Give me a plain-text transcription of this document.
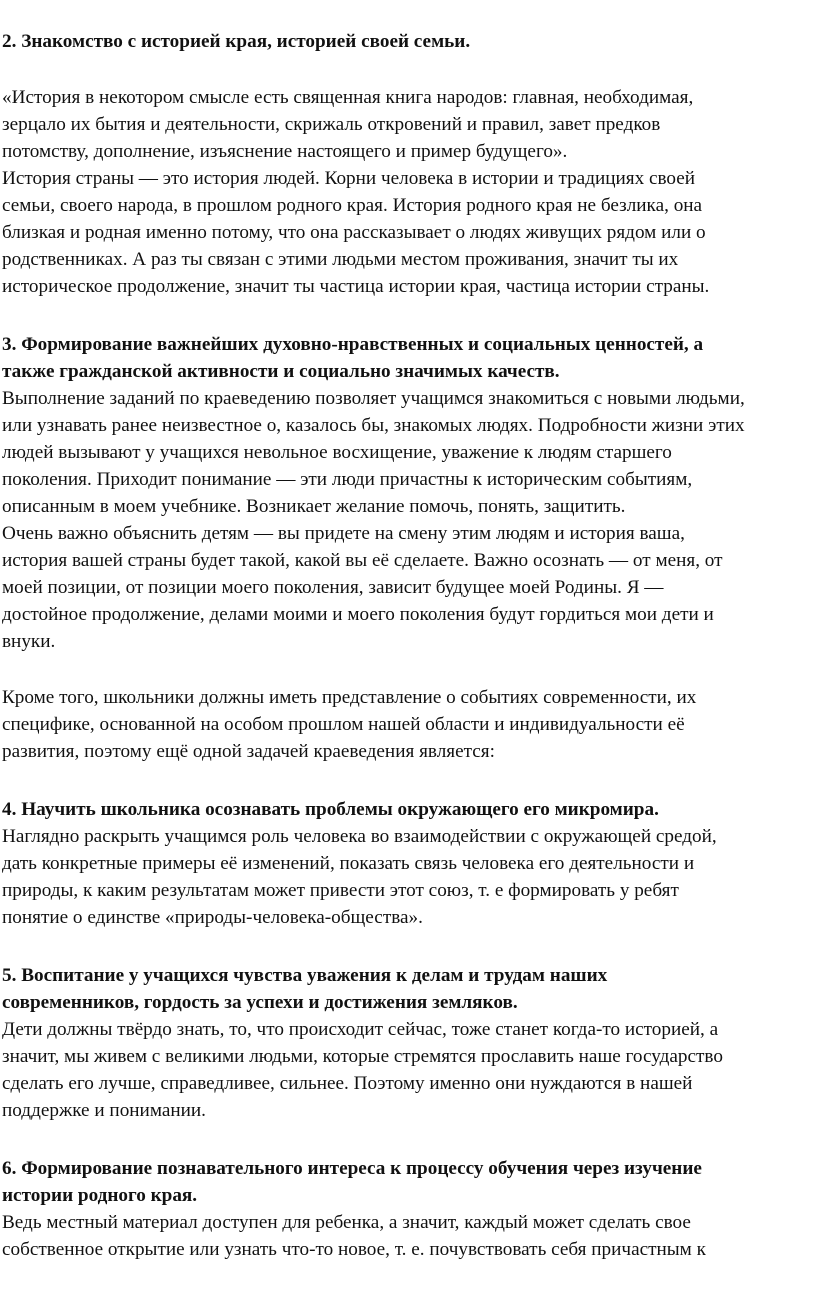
2. Знакомство с историей края, историей своей семьи.
«История в некотором смысле есть священная книга народов: главная, необходимая,
зерцало их бытия и деятельности, скрижаль откровений и правил, завет предков
потомству, дополнение, изъяснение настоящего и пример будущего».
История страны — это история людей. Корни человека в истории и традициях своей
семьи, своего народа, в прошлом родного края. История родного края не безлика, она
близкая и родная именно потому, что она рассказывает о людях живущих рядом или о
родственниках. А раз ты связан с этими людьми местом проживания, значит ты их
историческое продолжение, значит ты частица истории края, частица истории страны.
3. Формирование важнейших духовно-нравственных и социальных ценностей, а
также гражданской активности и социально значимых качеств.
Выполнение заданий по краеведению позволяет учащимся знакомиться с новыми людьми,
или узнавать ранее неизвестное о, казалось бы, знакомых людях. Подробности жизни этих
людей вызывают у учащихся невольное восхищение, уважение к людям старшего
поколения. Приходит понимание — эти люди причастны к историческим событиям,
описанным в моем учебнике. Возникает желание помочь, понять, защитить.
Очень важно объяснить детям — вы придете на смену этим людям и история ваша,
история вашей страны будет такой, какой вы её сделаете. Важно осознать — от меня, от
моей позиции, от позиции моего поколения, зависит будущее моей Родины. Я —
достойное продолжение, делами моими и моего поколения будут гордиться мои дети и
внуки.
Кроме того, школьники должны иметь представление о событиях современности, их
специфике, основанной на особом прошлом нашей области и индивидуальности её
развития, поэтому ещё одной задачей краеведения является:
4. Научить школьника осознавать проблемы окружающего его микромира.
Наглядно раскрыть учащимся роль человека во взаимодействии с окружающей средой,
дать конкретные примеры её изменений, показать связь человека его деятельности и
природы, к каким результатам может привести этот союз, т. е формировать у ребят
понятие о единстве «природы-человека-общества».
5. Воспитание у учащихся чувства уважения к делам и трудам наших
современников, гордость за успехи и достижения земляков.
Дети должны твёрдо знать, то, что происходит сейчас, тоже станет когда-то историей, а
значит, мы живем с великими людьми, которые стремятся прославить наше государство
сделать его лучше, справедливее, сильнее. Поэтому именно они нуждаются в нашей
поддержке и понимании.
6. Формирование познавательного интереса к процессу обучения через изучение
истории родного края.
Ведь местный материал доступен для ребенка, а значит, каждый может сделать свое
собственное открытие или узнать что-то новое, т. е. почувствовать себя причастным к
